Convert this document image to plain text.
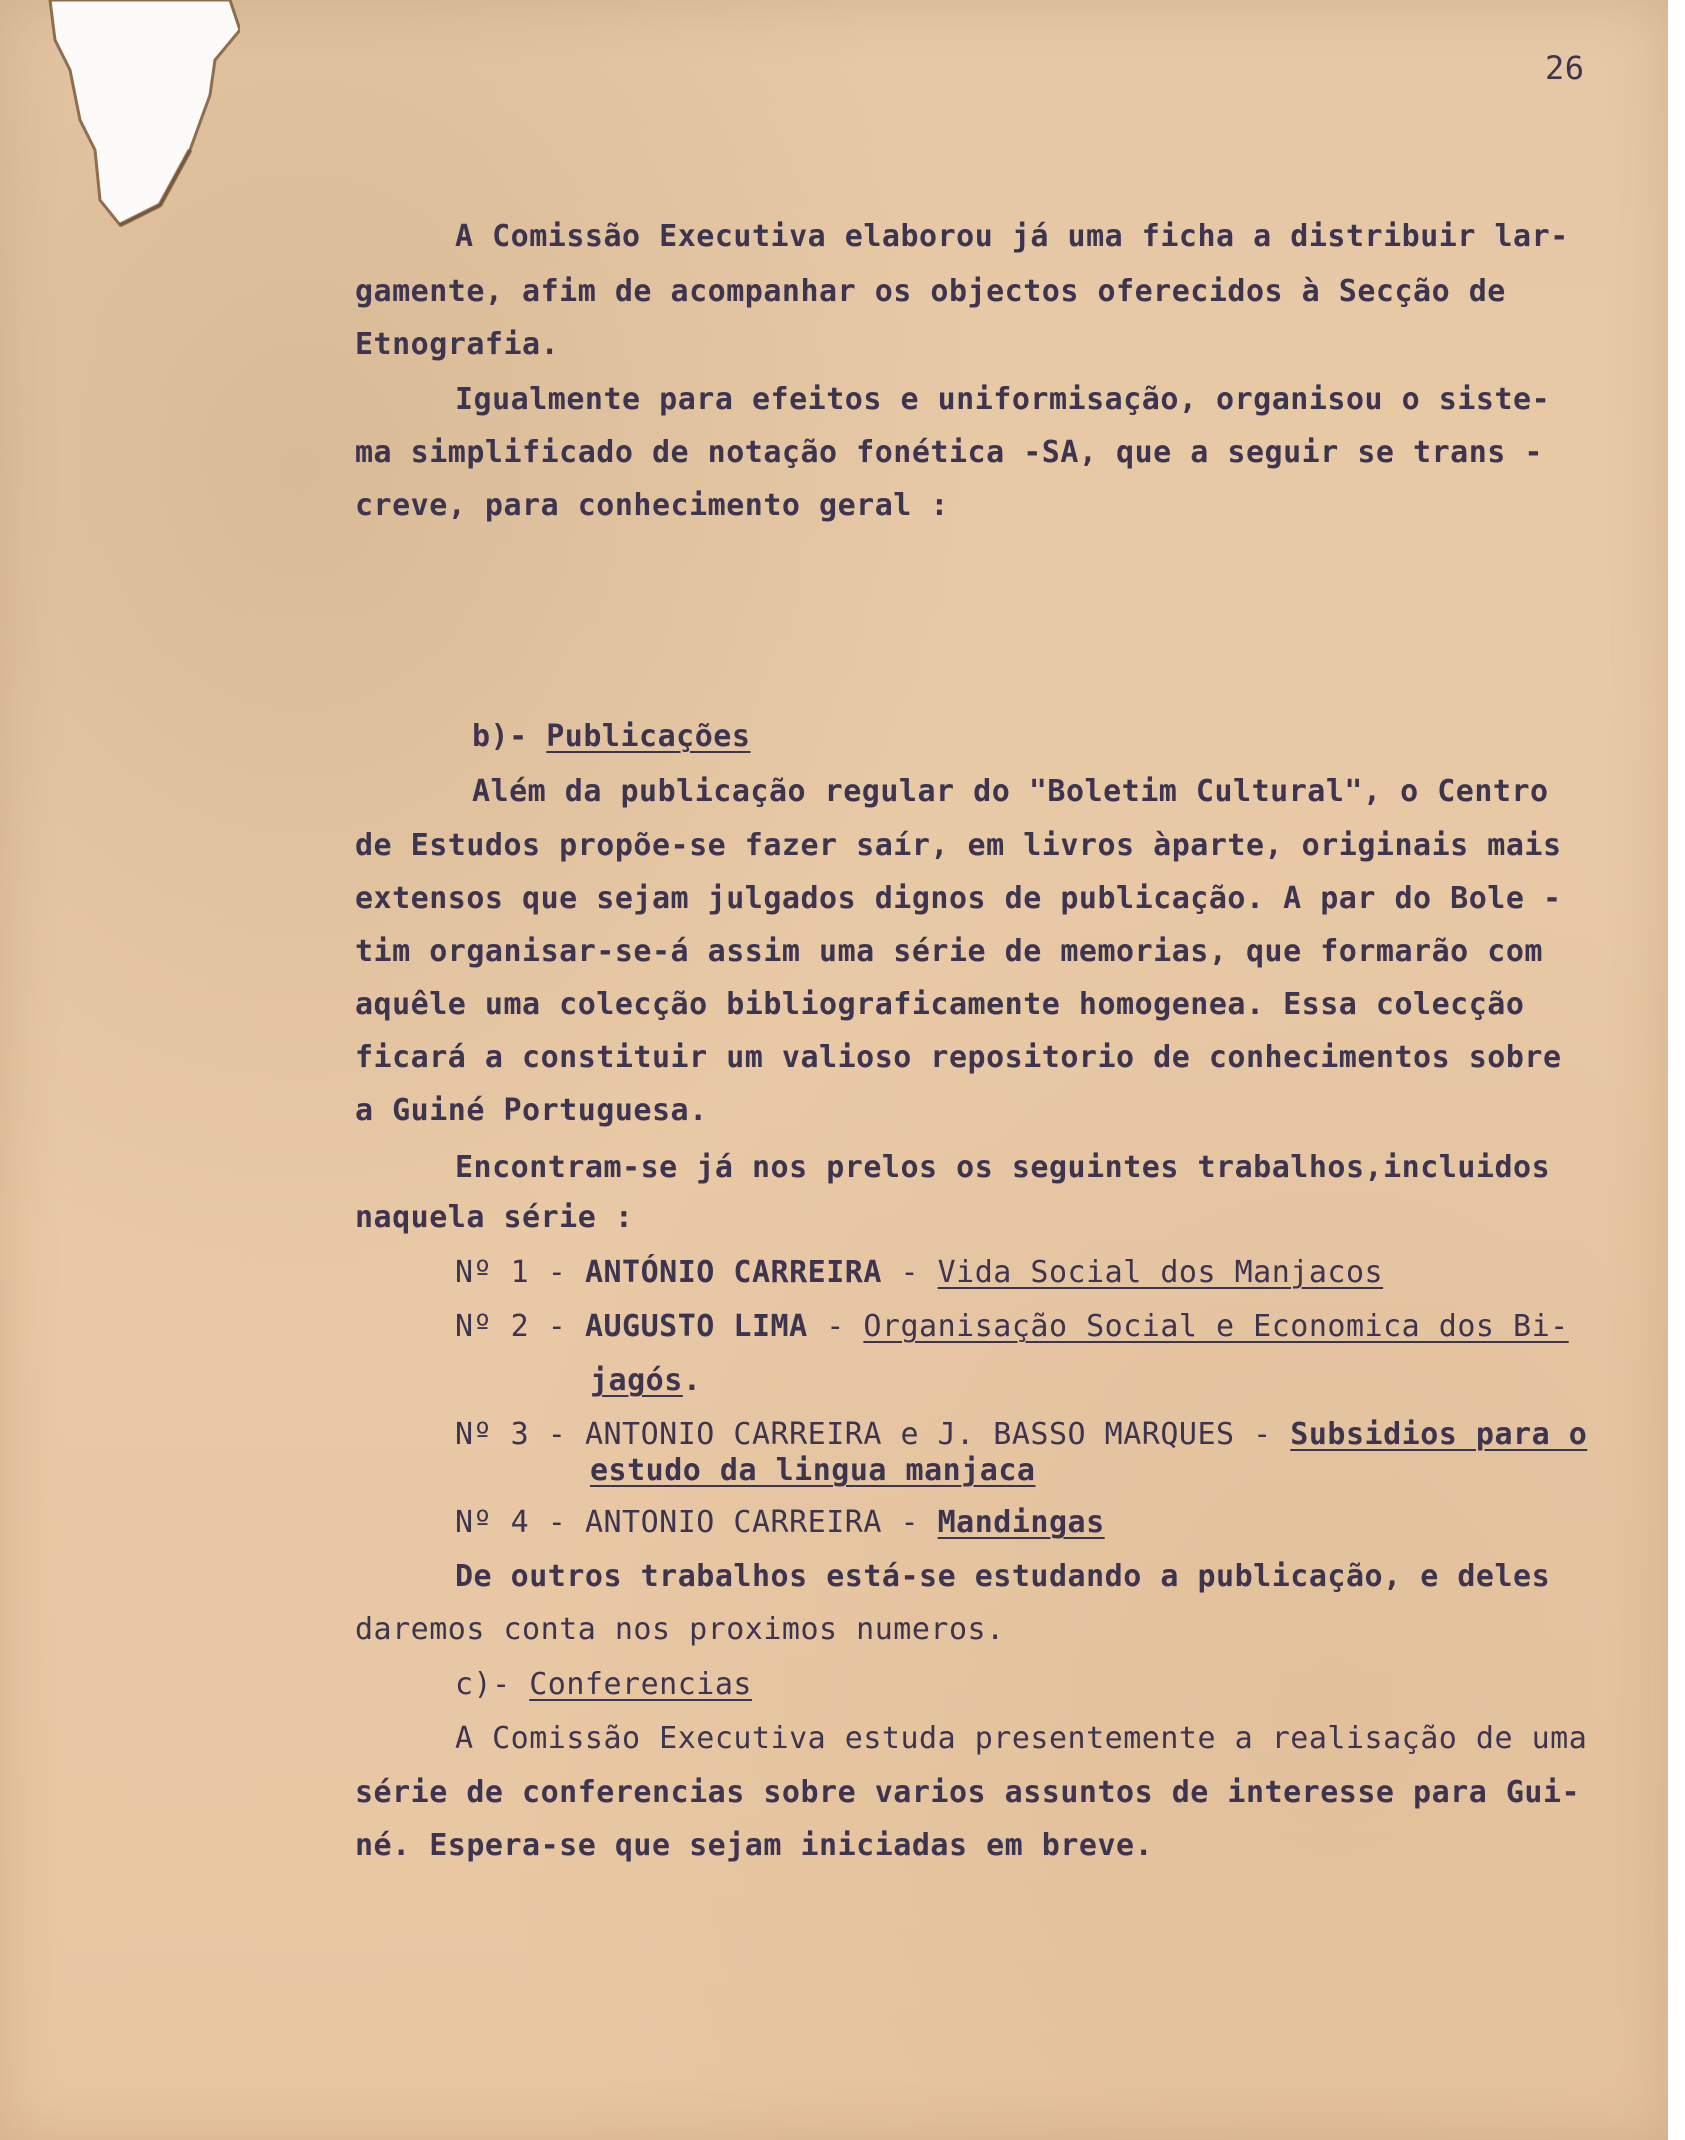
26
A Comissão Executiva elaborou já uma ficha a distribuir lar-
gamente, afim de acompanhar os objectos oferecidos à Secção de
Etnografia.
Igualmente para efeitos e uniformisação, organisou o siste-
ma simplificado de notação fonética -SA, que a seguir se trans -
creve, para conhecimento geral :
b)- Publicações
Além da publicação regular do "Boletim Cultural", o Centro
de Estudos propõe-se fazer saír, em livros àparte, originais mais
extensos que sejam julgados dignos de publicação. A par do Bole -
tim organisar-se-á assim uma série de memorias, que formarão com
aquêle uma colecção bibliograficamente homogenea. Essa colecção
ficará a constituir um valioso repositorio de conhecimentos sobre
a Guiné Portuguesa.
Encontram-se já nos prelos os seguintes trabalhos,incluidos
naquela série :
Nº 1 - ANTÓNIO CARREIRA - Vida Social dos Manjacos
Nº 2 - AUGUSTO LIMA - Organisação Social e Economica dos Bi-
jagós.
Nº 3 - ANTONIO CARREIRA e J. BASSO MARQUES - Subsidios para o
estudo da lingua manjaca
Nº 4 - ANTONIO CARREIRA - Mandingas
De outros trabalhos está-se estudando a publicação, e deles
daremos conta nos proximos numeros.
c)- Conferencias
A Comissão Executiva estuda presentemente a realisação de uma
série de conferencias sobre varios assuntos de interesse para Gui-
né. Espera-se que sejam iniciadas em breve.
